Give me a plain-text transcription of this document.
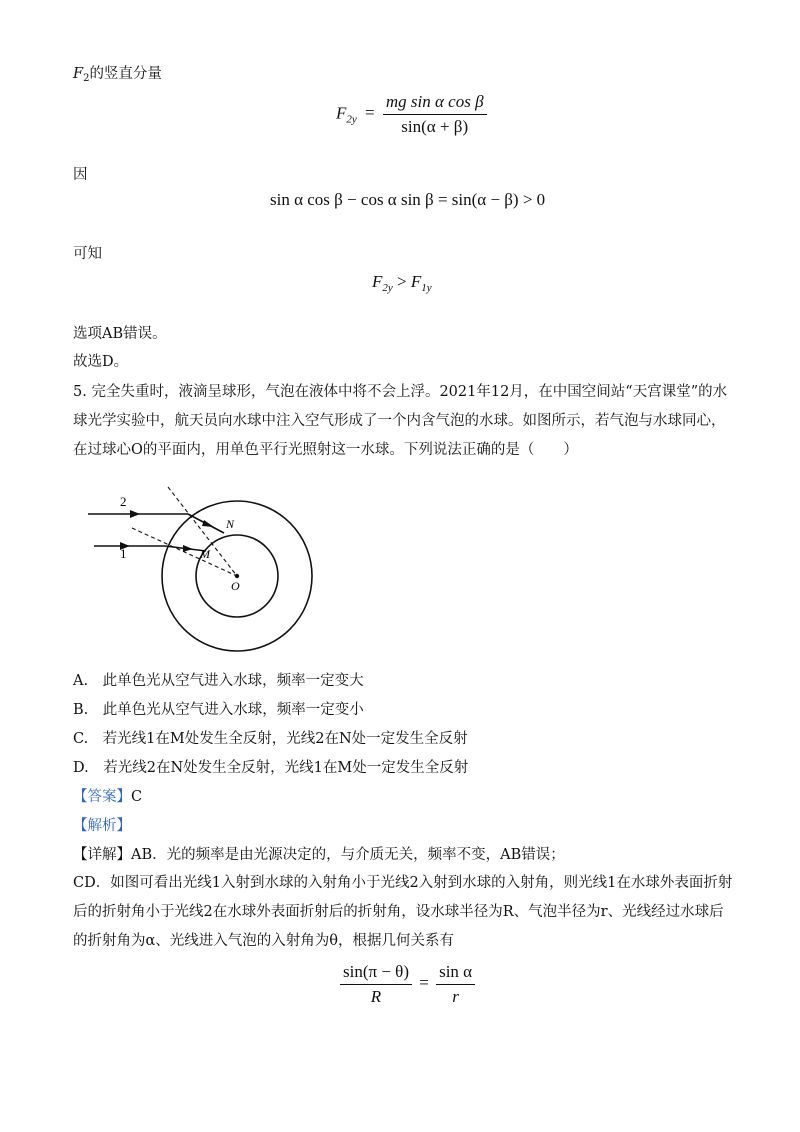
$F_2$的竖直分量
$F_{2y} = \frac{\text{mg sin α cos β}}{\sin(\alpha + \beta)}$
因
sin α cos β − cos α sin β = sin(α − β) > 0
可知
$F_{2y} > F_{1y}$
选项AB错误。
故选D。
5. 完全失重时，液滴呈球形，气泡在液体中将不会上浮。2021年12月，在中国空间站“天宫课堂”的水球光学实验中，航天员向水球中注入空气形成了一个内含气泡的水球。如图所示，若气泡与水球同心，在过球心O的平面内，用单色平行光照射这一水球。下列说法正确的是（　　）
2
1
N
M
O
A.　此单色光从空气进入水球，频率一定变大
B.　此单色光从空气进入水球，频率一定变小
C.　若光线1在M处发生全反射，光线2在N处一定发生全反射
D.　若光线2在N处发生全反射，光线1在M处一定发生全反射
【答案】C
【解析】
【详解】AB．光的频率是由光源决定的，与介质无关，频率不变，AB错误；
CD．如图可看出光线1入射到水球的入射角小于光线2入射到水球的入射角，则光线1在水球外表面折射后的折射角小于光线2在水球外表面折射后的折射角，设水球半径为R、气泡半径为r、光线经过水球后的折射角为α、光线进入气泡的入射角为θ，根据几何关系有
$\frac{\sin(\pi - \theta)}{R} = \frac{\text{sin α}}{r}$
